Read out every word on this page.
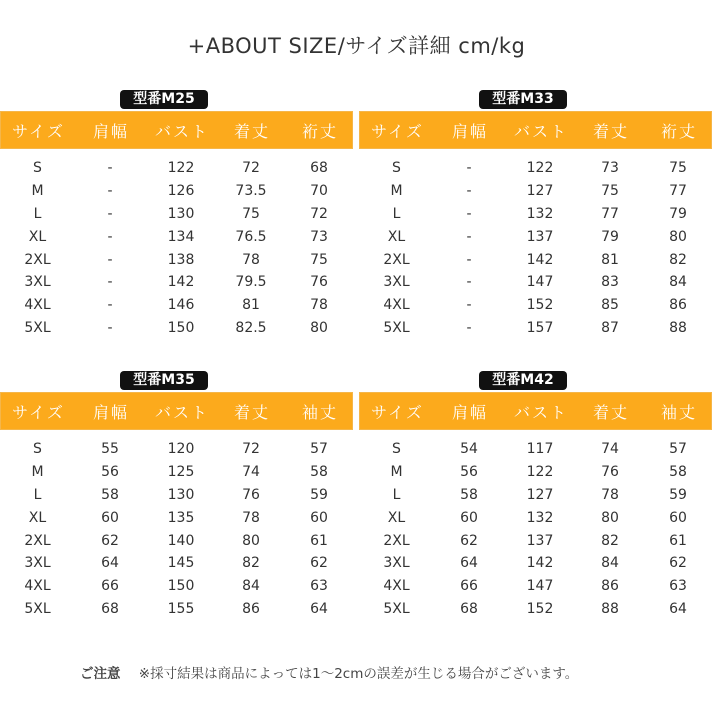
+ABOUT SIZE/サイズ詳細 cm/kg
型番M25
サイズ	肩幅	バスト	着丈	裄丈
S	-	122	72	68
M	-	126	73.5	70
L	-	130	75	72
XL	-	134	76.5	73
2XL	-	138	78	75
3XL	-	142	79.5	76
4XL	-	146	81	78
5XL	-	150	82.5	80
型番M33
サイズ	肩幅	バスト	着丈	裄丈
S	-	122	73	75
M	-	127	75	77
L	-	132	77	79
XL	-	137	79	80
2XL	-	142	81	82
3XL	-	147	83	84
4XL	-	152	85	86
5XL	-	157	87	88
型番M35
サイズ	肩幅	バスト	着丈	袖丈
S	55	120	72	57
M	56	125	74	58
L	58	130	76	59
XL	60	135	78	60
2XL	62	140	80	61
3XL	64	145	82	62
4XL	66	150	84	63
5XL	68	155	86	64
型番M42
サイズ	肩幅	バスト	着丈	袖丈
S	54	117	74	57
M	56	122	76	58
L	58	127	78	59
XL	60	132	80	60
2XL	62	137	82	61
3XL	64	142	84	62
4XL	66	147	86	63
5XL	68	152	88	64
ご注意 ※採寸結果は商品によっては1～2cmの誤差が生じる場合がございます。
